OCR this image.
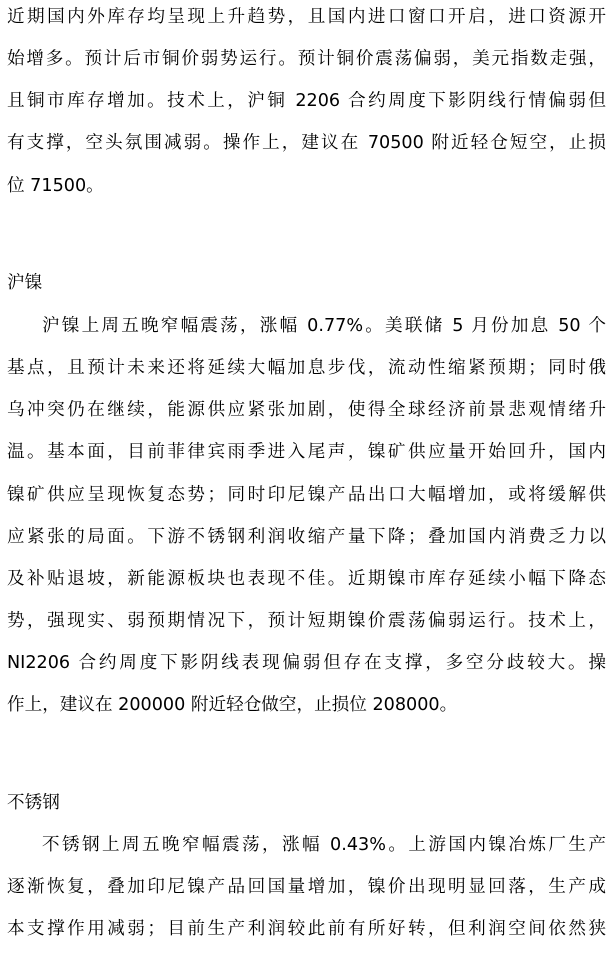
近期国内外库存均呈现上升趋势，且国内进口窗口开启，进口资源开
始增多。预计后市铜价弱势运行。预计铜价震荡偏弱，美元指数走强，
且铜市库存增加。技术上，沪铜 2206 合约周度下影阴线行情偏弱但
有支撑，空头氛围减弱。操作上，建议在 70500 附近轻仓短空，止损
位 71500。
沪镍
沪镍上周五晚窄幅震荡，涨幅 0.77%。美联储 5 月份加息 50 个
基点，且预计未来还将延续大幅加息步伐，流动性缩紧预期；同时俄
乌冲突仍在继续，能源供应紧张加剧，使得全球经济前景悲观情绪升
温。基本面，目前菲律宾雨季进入尾声，镍矿供应量开始回升，国内
镍矿供应呈现恢复态势；同时印尼镍产品出口大幅增加，或将缓解供
应紧张的局面。下游不锈钢利润收缩产量下降；叠加国内消费乏力以
及补贴退坡，新能源板块也表现不佳。近期镍市库存延续小幅下降态
势，强现实、弱预期情况下，预计短期镍价震荡偏弱运行。技术上，
NI2206 合约周度下影阴线表现偏弱但存在支撑，多空分歧较大。操
作上，建议在 200000 附近轻仓做空，止损位 208000。
不锈钢
不锈钢上周五晚窄幅震荡，涨幅 0.43%。上游国内镍冶炼厂生产
逐渐恢复，叠加印尼镍产品回国量增加，镍价出现明显回落，生产成
本支撑作用减弱；目前生产利润较此前有所好转，但利润空间依然狭
